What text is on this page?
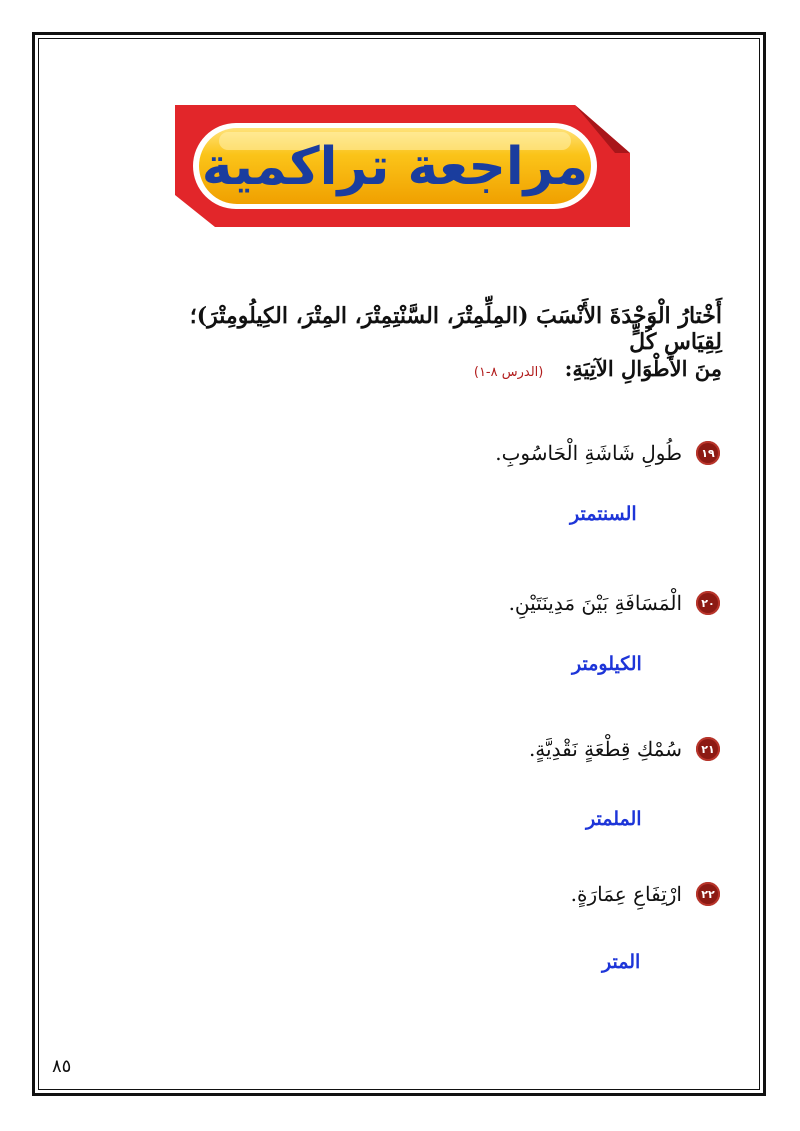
مراجعة تراكمية
أَخْتارُ الْوَحْدَةَ الأَنْسَبَ (المِلِّمِتْرَ، السَّنْتِمِتْرَ، المِتْرَ، الكِيلُومِتْرَ)؛ لِقِيَاسِ كُلٍّ
مِنَ الأَطْوَالِ الآتِيَةِ: (الدرس ٨-١)
١٩
طُولِ شَاشَةِ الْحَاسُوبِ.
السنتمتر
٢٠
الْمَسَافَةِ بَيْنَ مَدِينَتَيْنِ.
الكيلومتر
٢١
سُمْكِ قِطْعَةٍ نَقْدِيَّةٍ.
الملمتر
٢٢
ارْتِفَاعِ عِمَارَةٍ.
المتر
٨٥
